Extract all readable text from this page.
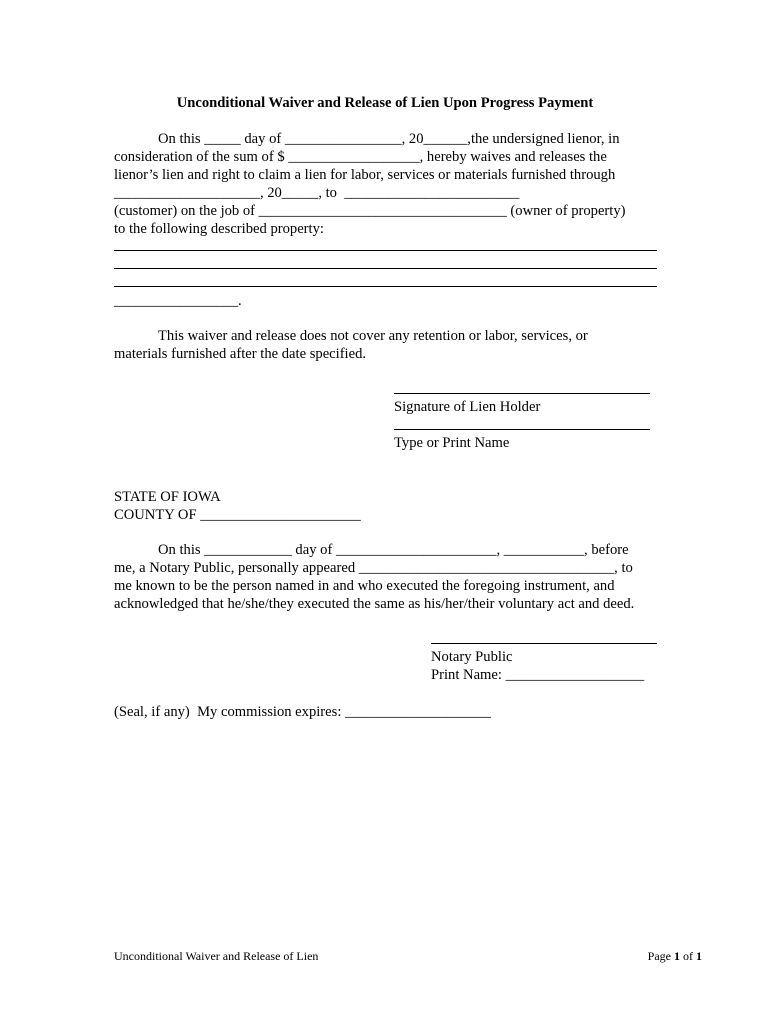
Unconditional Waiver and Release of Lien Upon Progress Payment
On this _____ day of ________________, 20______,the undersigned lienor, in
consideration of the sum of $ __________________, hereby waives and releases the
lienor’s lien and right to claim a lien for labor, services or materials furnished through
____________________, 20_____, to  ________________________
(customer) on the job of __________________________________ (owner of property)
to the following described property:
_________________.
This waiver and release does not cover any retention or labor, services, or
materials furnished after the date specified.
Signature of Lien Holder
Type or Print Name
STATE OF IOWA
COUNTY OF ______________________
On this ____________ day of ______________________, ___________, before
me, a Notary Public, personally appeared ___________________________________, to
me known to be the person named in and who executed the foregoing instrument, and
acknowledged that he/she/they executed the same as his/her/their voluntary act and deed.
Notary Public
Print Name: ___________________
(Seal, if any)  My commission expires: ____________________
Unconditional Waiver and Release of Lien	Page 1 of 1
